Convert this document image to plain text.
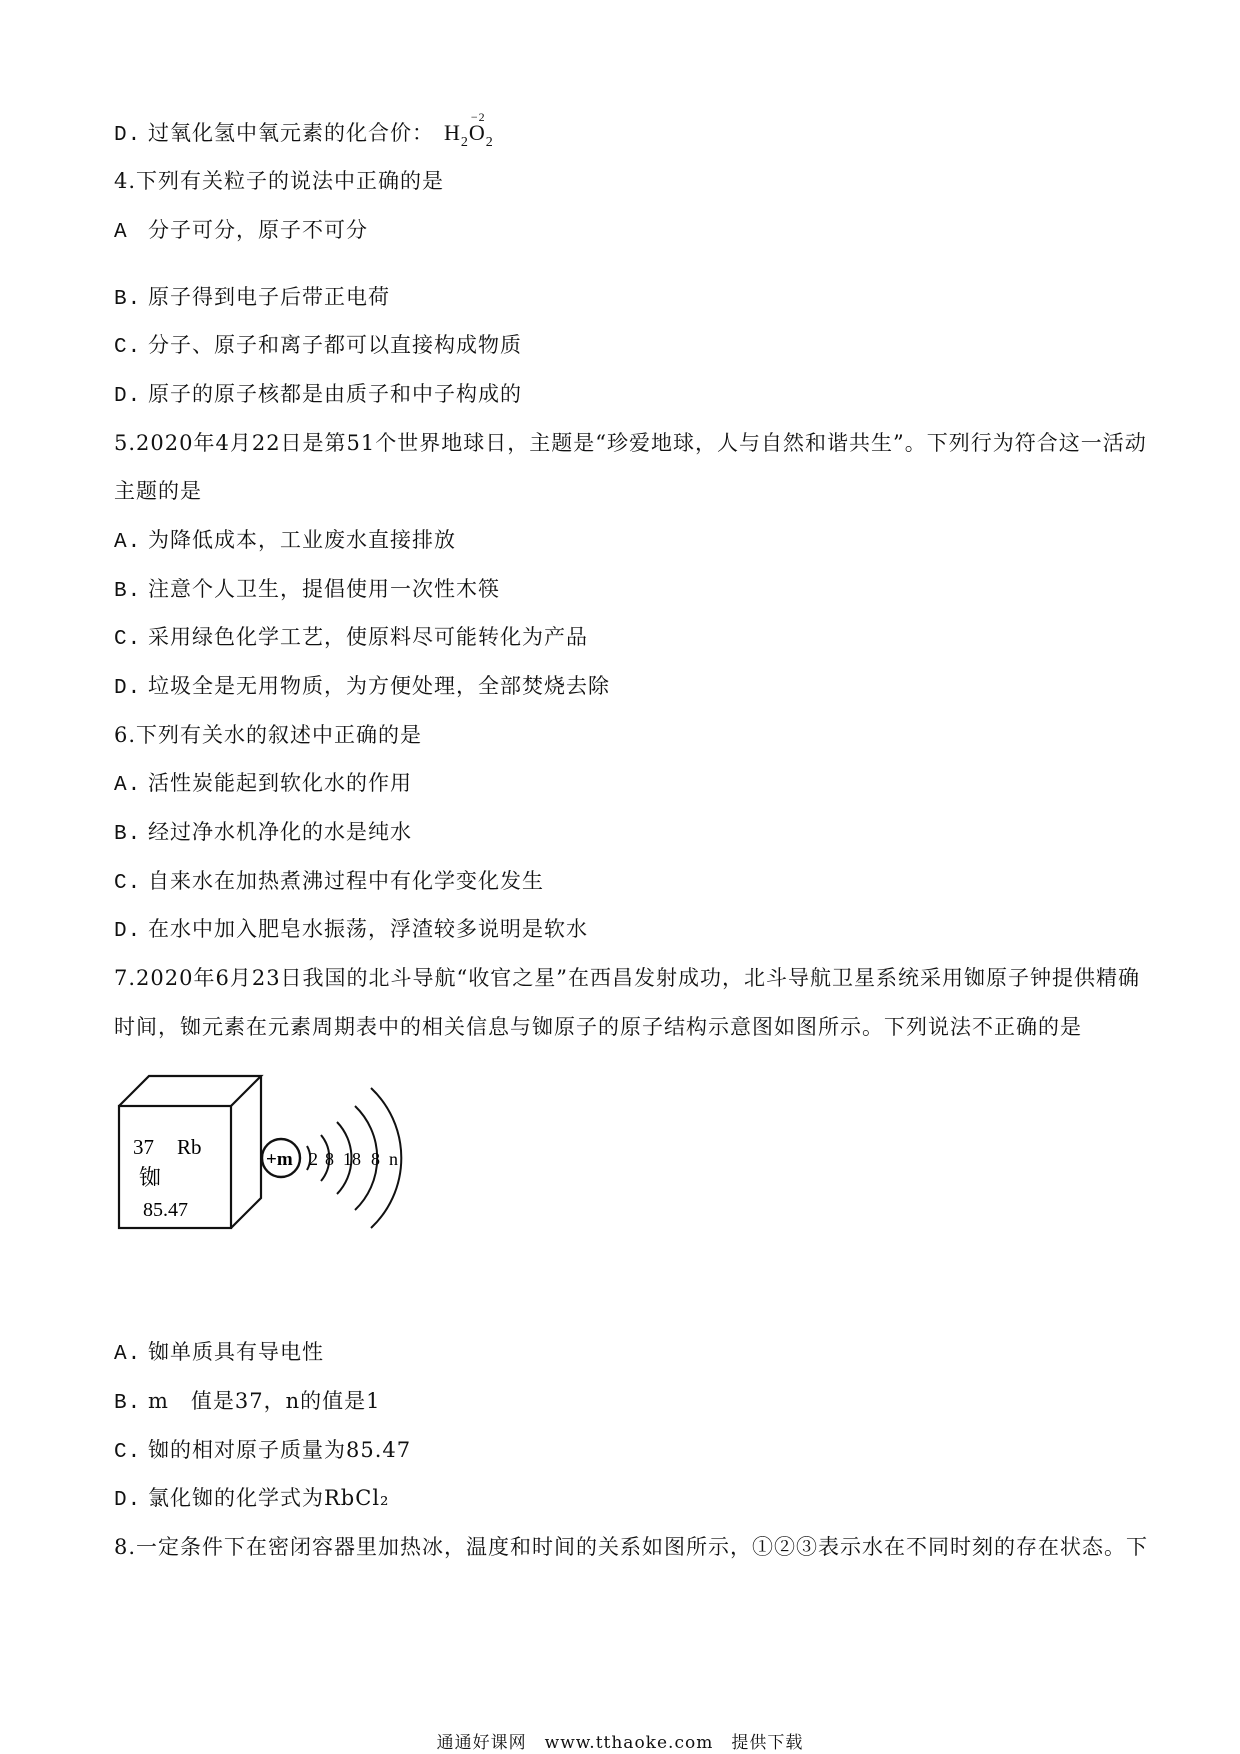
D. 过氧化氢中氧元素的化合价： $H_2$
−2
$O_2$
4.下列有关粒子的说法中正确的是
A 分子可分，原子不可分
B. 原子得到电子后带正电荷
C. 分子、原子和离子都可以直接构成物质
D. 原子的原子核都是由质子和中子构成的
5.2020年4月22日是第51个世界地球日，主题是“珍爱地球，人与自然和谐共生”。下列行为符合这一活动
主题的是
A. 为降低成本，工业废水直接排放
B. 注意个人卫生，提倡使用一次性木筷
C. 采用绿色化学工艺，使原料尽可能转化为产品
D. 垃圾全是无用物质，为方便处理，全部焚烧去除
6.下列有关水的叙述中正确的是
A. 活性炭能起到软化水的作用
B. 经过净水机净化的水是纯水
C. 自来水在加热煮沸过程中有化学变化发生
D. 在水中加入肥皂水振荡，浮渣较多说明是软水
7.2020年6月23日我国的北斗导航“收官之星”在西昌发射成功，北斗导航卫星系统采用铷原子钟提供精确
时间，铷元素在元素周期表中的相关信息与铷原子的原子结构示意图如图所示。下列说法不正确的是
37 Rb
铷
85.47
+m 2 8 18 8 n
A. 铷单质具有导电性
B. m　值是37，n的值是1
C. 铷的相对原子质量为85.47
D. 氯化铷的化学式为RbCl₂
8.一定条件下在密闭容器里加热冰，温度和时间的关系如图所示，①②③表示水在不同时刻的存在状态。下
通通好课网　www.tthaoke.com　提供下载
